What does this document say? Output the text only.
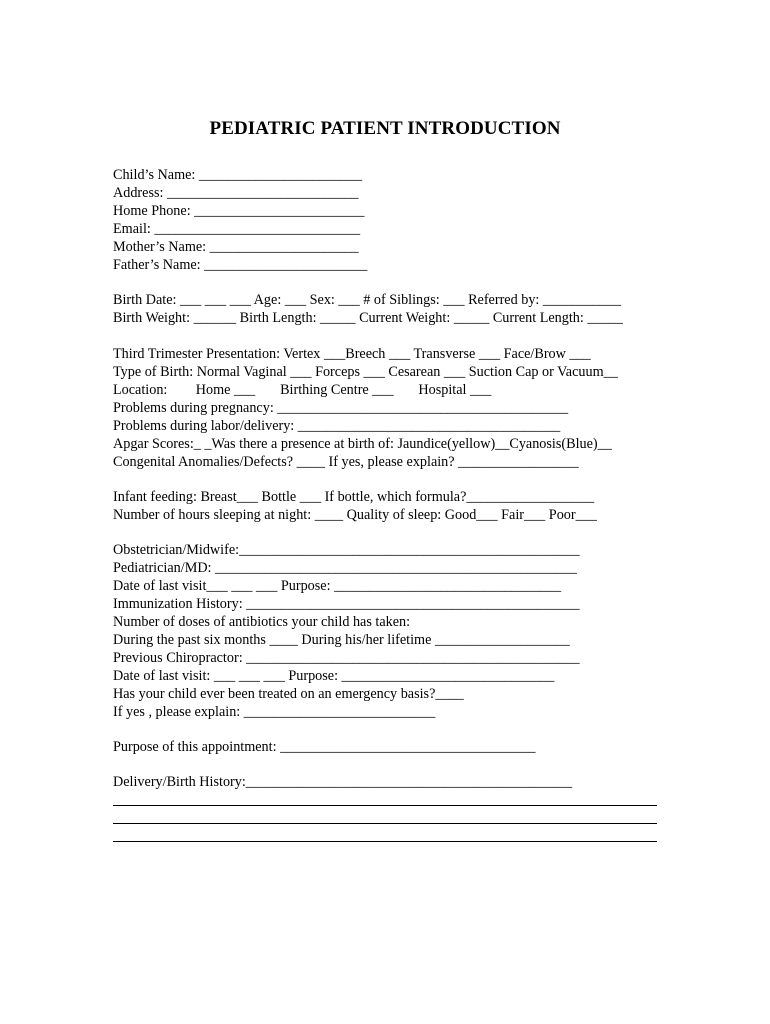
PEDIATRIC PATIENT INTRODUCTION
Child’s Name: _______________________
Address: ___________________________
Home Phone: ________________________
Email: _____________________________
Mother’s Name: _____________________
Father’s Name: _______________________
Birth Date: ___ ___ ___ Age: ___ Sex: ___ # of Siblings: ___ Referred by: ___________
Birth Weight: ______ Birth Length: _____ Current Weight: _____ Current Length: _____
Third Trimester Presentation: Vertex ___Breech ___ Transverse ___ Face/Brow ___
Type of Birth: Normal Vaginal ___ Forceps ___ Cesarean ___ Suction Cap or Vacuum__
Location:        Home ___       Birthing Centre ___       Hospital ___
Problems during pregnancy: _________________________________________
Problems during labor/delivery: _____________________________________
Apgar Scores:_ _Was there a presence at birth of: Jaundice(yellow)__Cyanosis(Blue)__
Congenital Anomalies/Defects? ____ If yes, please explain? _________________
Infant feeding: Breast___ Bottle ___ If bottle, which formula?__________________
Number of hours sleeping at night: ____ Quality of sleep: Good___ Fair___ Poor___
Obstetrician/Midwife:________________________________________________
Pediatrician/MD: ___________________________________________________
Date of last visit___ ___ ___ Purpose: ________________________________
Immunization History: _______________________________________________
Number of doses of antibiotics your child has taken:
During the past six months ____ During his/her lifetime ___________________
Previous Chiropractor: _______________________________________________
Date of last visit: ___ ___ ___ Purpose: ______________________________
Has your child ever been treated on an emergency basis?____
If yes , please explain: ___________________________
Purpose of this appointment: ____________________________________
Delivery/Birth History:______________________________________________
